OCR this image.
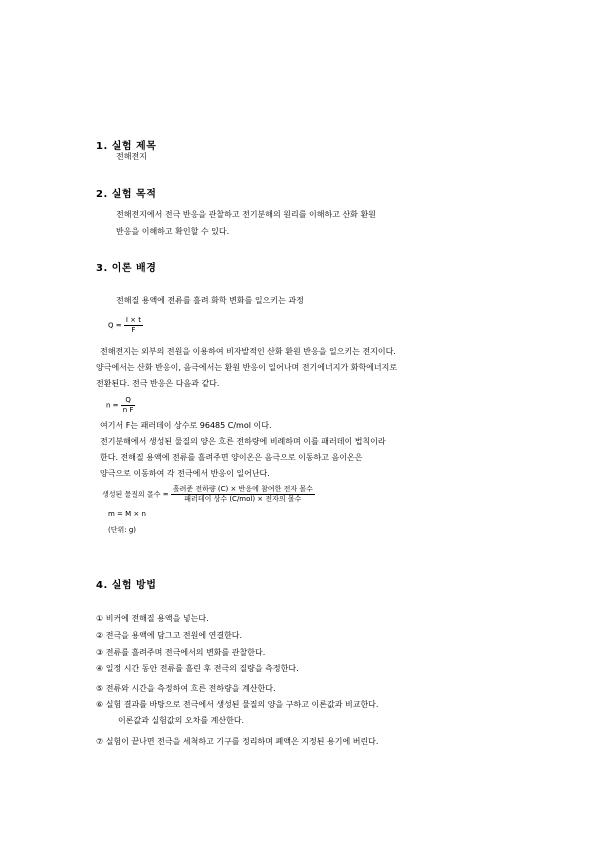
1. 실험 제목
전해전지
2. 실험 목적
전해전지에서 전극 반응을 관찰하고 전기분해의 원리를 이해하고 산화 환원
반응을 이해하고 확인할 수 있다.
3. 이론 배경
전해질 용액에 전류를 흘려 화학 변화를 일으키는 과정
$Q = \frac{I \times t}{F}$
전해전지는 외부의 전원을 이용하여 비자발적인 산화 환원 반응을 일으키는 전지이다.
양극에서는 산화 반응이, 음극에서는 환원 반응이 일어나며 전기에너지가 화학에너지로
전환된다. 전극 반응은 다음과 같다.
$n = \frac{Q}{\text{n F}}$
여기서 F는 패러데이 상수로 96485 C/mol 이다.
전기분해에서 생성된 물질의 양은 흐른 전하량에 비례하며 이를 패러데이 법칙이라
한다. 전해질 용액에 전류를 흘려주면 양이온은 음극으로 이동하고 음이온은
양극으로 이동하여 각 전극에서 반응이 일어난다.
생성된 물질의 몰수 = $\frac{\text{흘려준 전하량 (C) × 반응에 참여한 전자 몰수}}{\text{패러데이 상수 (C/mol) × 전자의 몰수}}$
m = M × n
(단위: g)
4. 실험 방법
① 비커에 전해질 용액을 넣는다.
② 전극을 용액에 담그고 전원에 연결한다.
③ 전류를 흘려주며 전극에서의 변화를 관찰한다.
④ 일정 시간 동안 전류를 흘린 후 전극의 질량을 측정한다.
⑤ 전류와 시간을 측정하여 흐른 전하량을 계산한다.
⑥ 실험 결과를 바탕으로 전극에서 생성된 물질의 양을 구하고 이론값과 비교한다.
이론값과 실험값의 오차를 계산한다.
⑦ 실험이 끝나면 전극을 세척하고 기구를 정리하며 폐액은 지정된 용기에 버린다.
